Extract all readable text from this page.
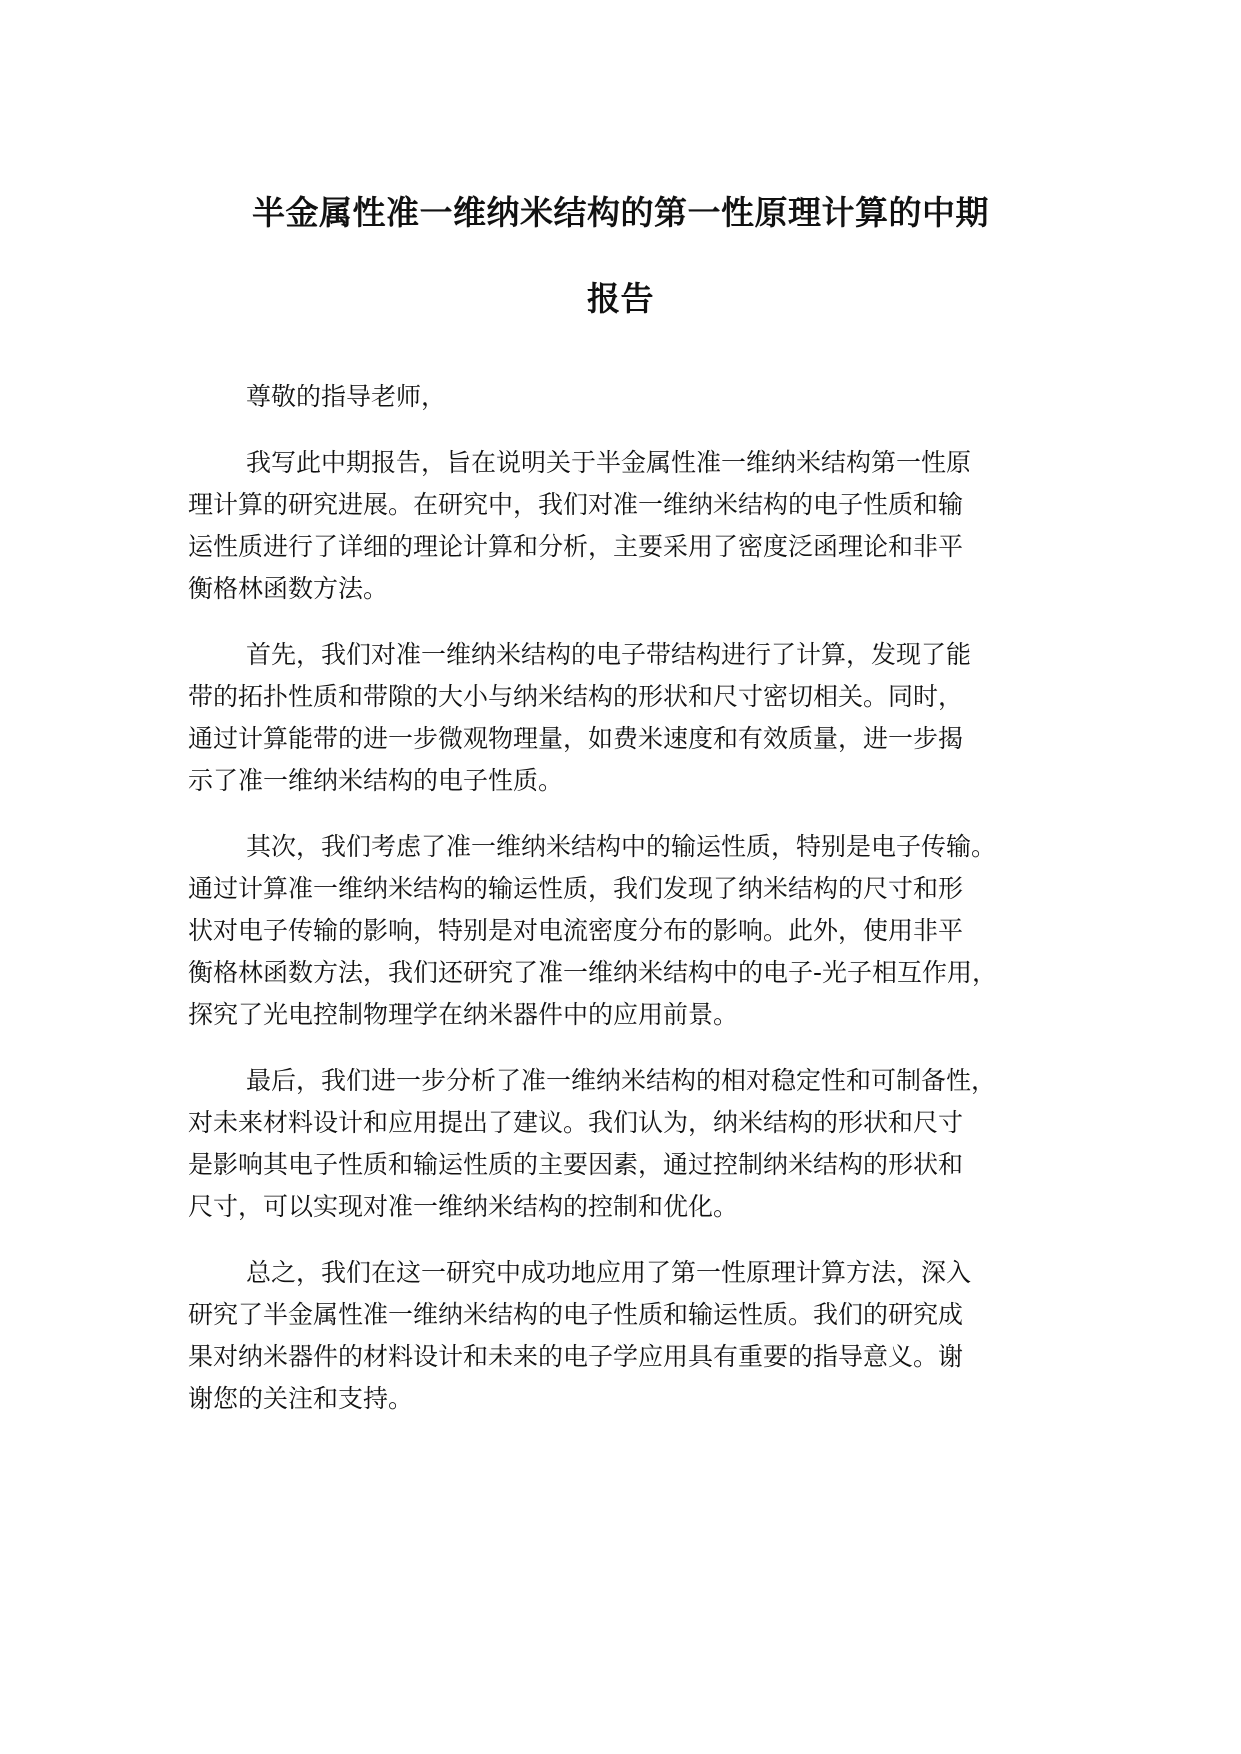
半金属性准一维纳米结构的第一性原理计算的中期
报告

尊敬的指导老师，

我写此中期报告，旨在说明关于半金属性准一维纳米结构第一性原
理计算的研究进展。在研究中，我们对准一维纳米结构的电子性质和输
运性质进行了详细的理论计算和分析，主要采用了密度泛函理论和非平
衡格林函数方法。

首先，我们对准一维纳米结构的电子带结构进行了计算，发现了能
带的拓扑性质和带隙的大小与纳米结构的形状和尺寸密切相关。同时，
通过计算能带的进一步微观物理量，如费米速度和有效质量，进一步揭
示了准一维纳米结构的电子性质。

其次，我们考虑了准一维纳米结构中的输运性质，特别是电子传输。
通过计算准一维纳米结构的输运性质，我们发现了纳米结构的尺寸和形
状对电子传输的影响，特别是对电流密度分布的影响。此外，使用非平
衡格林函数方法，我们还研究了准一维纳米结构中的电子-光子相互作用，
探究了光电控制物理学在纳米器件中的应用前景。

最后，我们进一步分析了准一维纳米结构的相对稳定性和可制备性，
对未来材料设计和应用提出了建议。我们认为，纳米结构的形状和尺寸
是影响其电子性质和输运性质的主要因素，通过控制纳米结构的形状和
尺寸，可以实现对准一维纳米结构的控制和优化。

总之，我们在这一研究中成功地应用了第一性原理计算方法，深入
研究了半金属性准一维纳米结构的电子性质和输运性质。我们的研究成
果对纳米器件的材料设计和未来的电子学应用具有重要的指导意义。谢
谢您的关注和支持。
